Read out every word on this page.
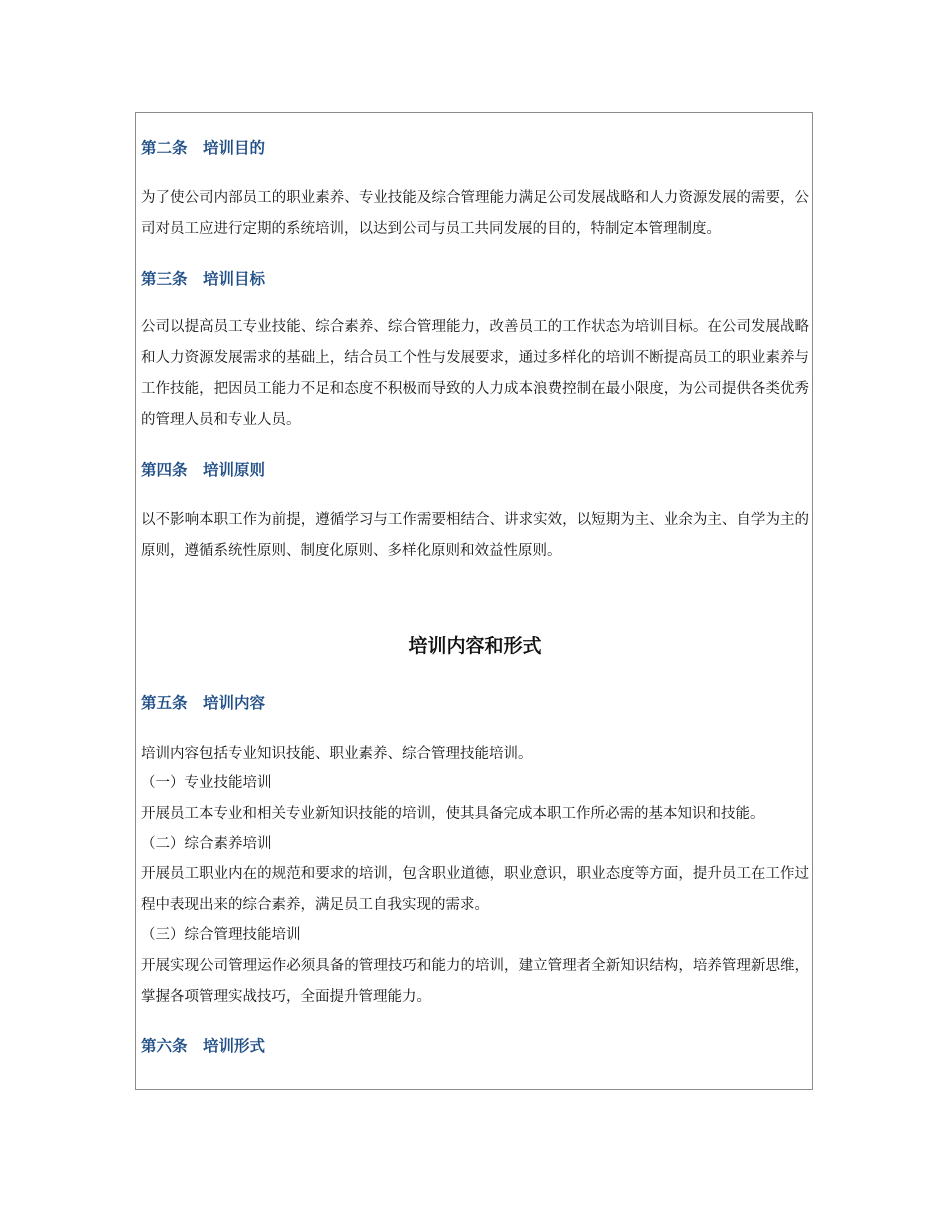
第二条　培训目的

为了使公司内部员工的职业素养、专业技能及综合管理能力满足公司发展战略和人力资源发展的需要，公司对员工应进行定期的系统培训，以达到公司与员工共同发展的目的，特制定本管理制度。

第三条　培训目标

公司以提高员工专业技能、综合素养、综合管理能力，改善员工的工作状态为培训目标。在公司发展战略和人力资源发展需求的基础上，结合员工个性与发展要求，通过多样化的培训不断提高员工的职业素养与工作技能，把因员工能力不足和态度不积极而导致的人力成本浪费控制在最小限度，为公司提供各类优秀的管理人员和专业人员。

第四条　培训原则

以不影响本职工作为前提，遵循学习与工作需要相结合、讲求实效，以短期为主、业余为主、自学为主的原则，遵循系统性原则、制度化原则、多样化原则和效益性原则。

培训内容和形式
第五条　培训内容
培训内容包括专业知识技能、职业素养、综合管理技能培训。
（一）专业技能培训

开展员工本专业和相关专业新知识技能的培训，使其具备完成本职工作所必需的基本知识和技能。

（二）综合素养培训

开展员工职业内在的规范和要求的培训，包含职业道德，职业意识，职业态度等方面，提升员工在工作过程中表现出来的综合素养，满足员工自我实现的需求。

（三）综合管理技能培训

开展实现公司管理运作必须具备的管理技巧和能力的培训，建立管理者全新知识结构，培养管理新思维，掌握各项管理实战技巧，全面提升管理能力。

第六条　培训形式
